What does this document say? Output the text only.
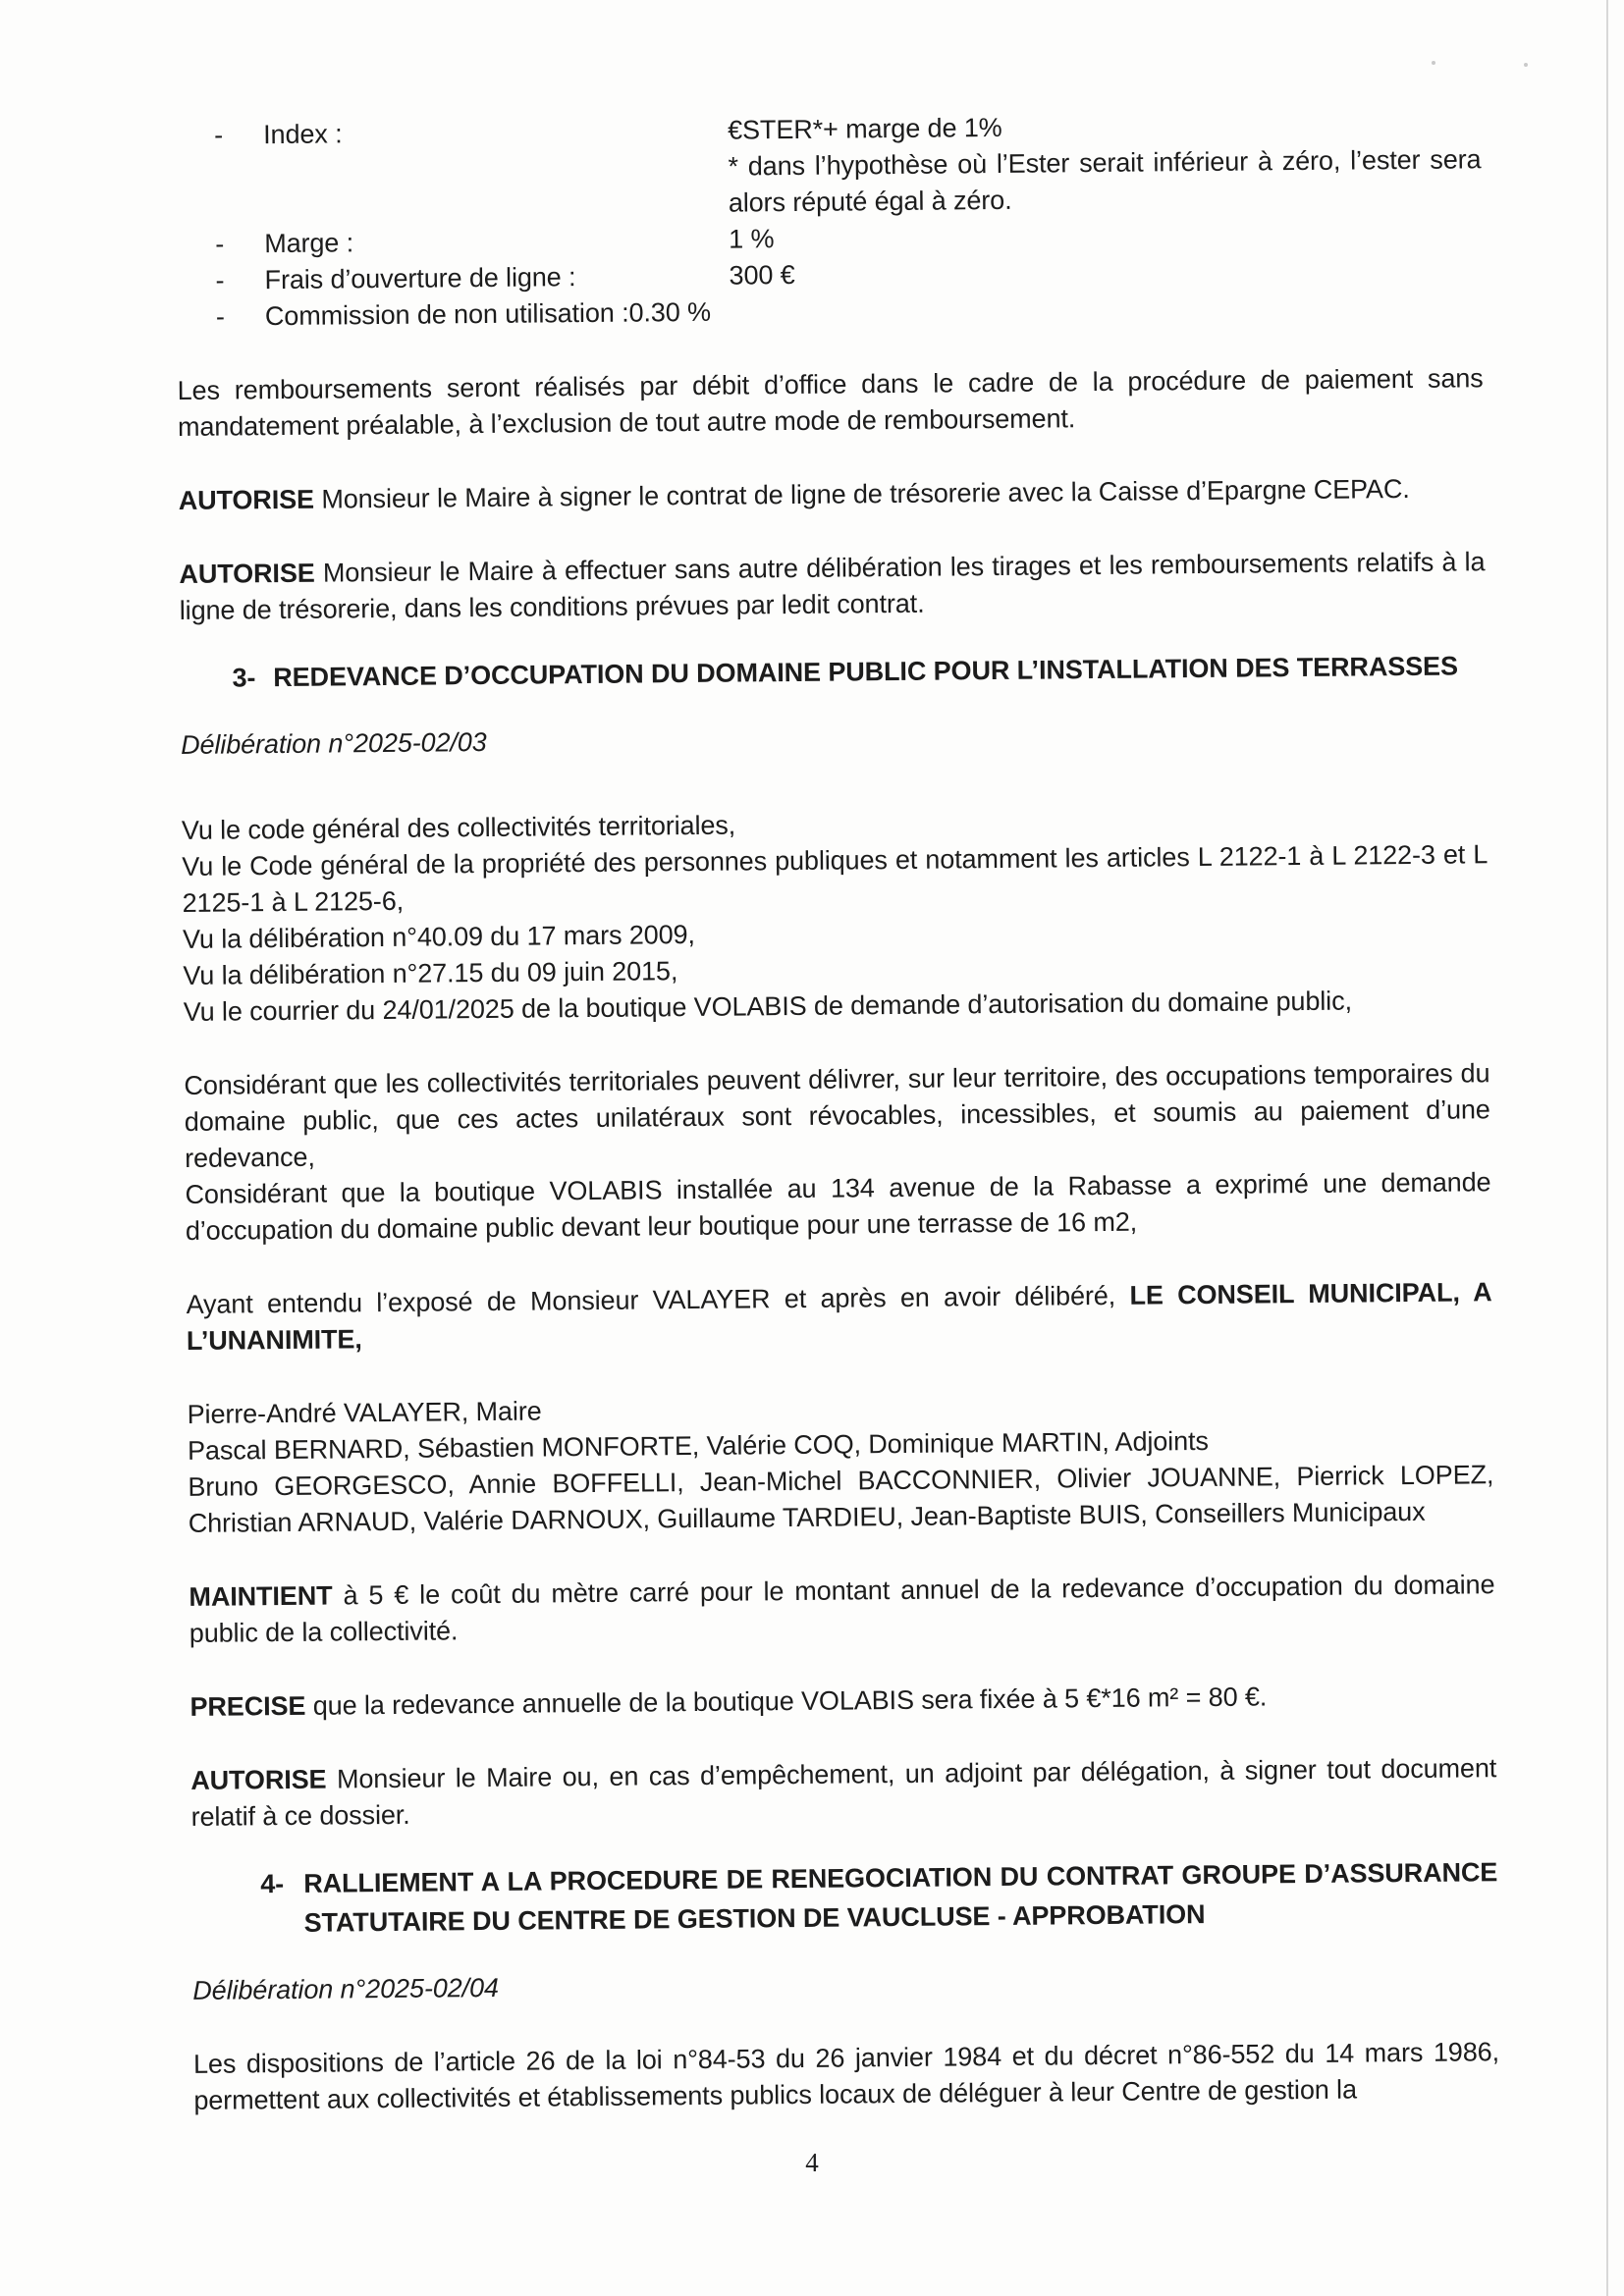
- Index :	€STER*+ marge de 1%

* dans l’hypothèse où l’Ester serait inférieur à zéro, l’ester sera alors réputé égal à zéro.

- Marge :	1 %
- Frais d’ouverture de ligne :	300 €
- Commission de non utilisation :0.30 %

Les remboursements seront réalisés par débit d’office dans le cadre de la procédure de paiement sans mandatement préalable, à l’exclusion de tout autre mode de remboursement.

AUTORISE Monsieur le Maire à signer le contrat de ligne de trésorerie avec la Caisse d’Epargne CEPAC.

AUTORISE Monsieur le Maire à effectuer sans autre délibération les tirages et les remboursements relatifs à la ligne de trésorerie, dans les conditions prévues par ledit contrat.

3- REDEVANCE D’OCCUPATION DU DOMAINE PUBLIC POUR L’INSTALLATION DES TERRASSES

Délibération n°2025-02/03

Vu le code général des collectivités territoriales,

Vu le Code général de la propriété des personnes publiques et notamment les articles L 2122-1 à L 2122-3 et L 2125-1 à L 2125-6,

Vu la délibération n°40.09 du 17 mars 2009,

Vu la délibération n°27.15 du 09 juin 2015,

Vu le courrier du 24/01/2025 de la boutique VOLABIS de demande d’autorisation du domaine public,

Considérant que les collectivités territoriales peuvent délivrer, sur leur territoire, des occupations temporaires du domaine public, que ces actes unilatéraux sont révocables, incessibles, et soumis au paiement d’une redevance,

Considérant que la boutique VOLABIS installée au 134 avenue de la Rabasse a exprimé une demande d’occupation du domaine public devant leur boutique pour une terrasse de 16 m2,

Ayant entendu l’exposé de Monsieur VALAYER et après en avoir délibéré, LE CONSEIL MUNICIPAL, A L’UNANIMITE,

Pierre-André VALAYER, Maire

Pascal BERNARD, Sébastien MONFORTE, Valérie COQ, Dominique MARTIN, Adjoints

Bruno GEORGESCO, Annie BOFFELLI, Jean-Michel BACCONNIER, Olivier JOUANNE, Pierrick LOPEZ, Christian ARNAUD, Valérie DARNOUX, Guillaume TARDIEU, Jean-Baptiste BUIS, Conseillers Municipaux

MAINTIENT à 5 € le coût du mètre carré pour le montant annuel de la redevance d’occupation du domaine public de la collectivité.

PRECISE que la redevance annuelle de la boutique VOLABIS sera fixée à 5 €*16 m² = 80 €.

AUTORISE Monsieur le Maire ou, en cas d’empêchement, un adjoint par délégation, à signer tout document relatif à ce dossier.

4- RALLIEMENT A LA PROCEDURE DE RENEGOCIATION DU CONTRAT GROUPE D’ASSURANCE STATUTAIRE DU CENTRE DE GESTION DE VAUCLUSE - APPROBATION

Délibération n°2025-02/04

Les dispositions de l’article 26 de la loi n°84-53 du 26 janvier 1984 et du décret n°86-552 du 14 mars 1986, permettent aux collectivités et établissements publics locaux de déléguer à leur Centre de gestion la

4
